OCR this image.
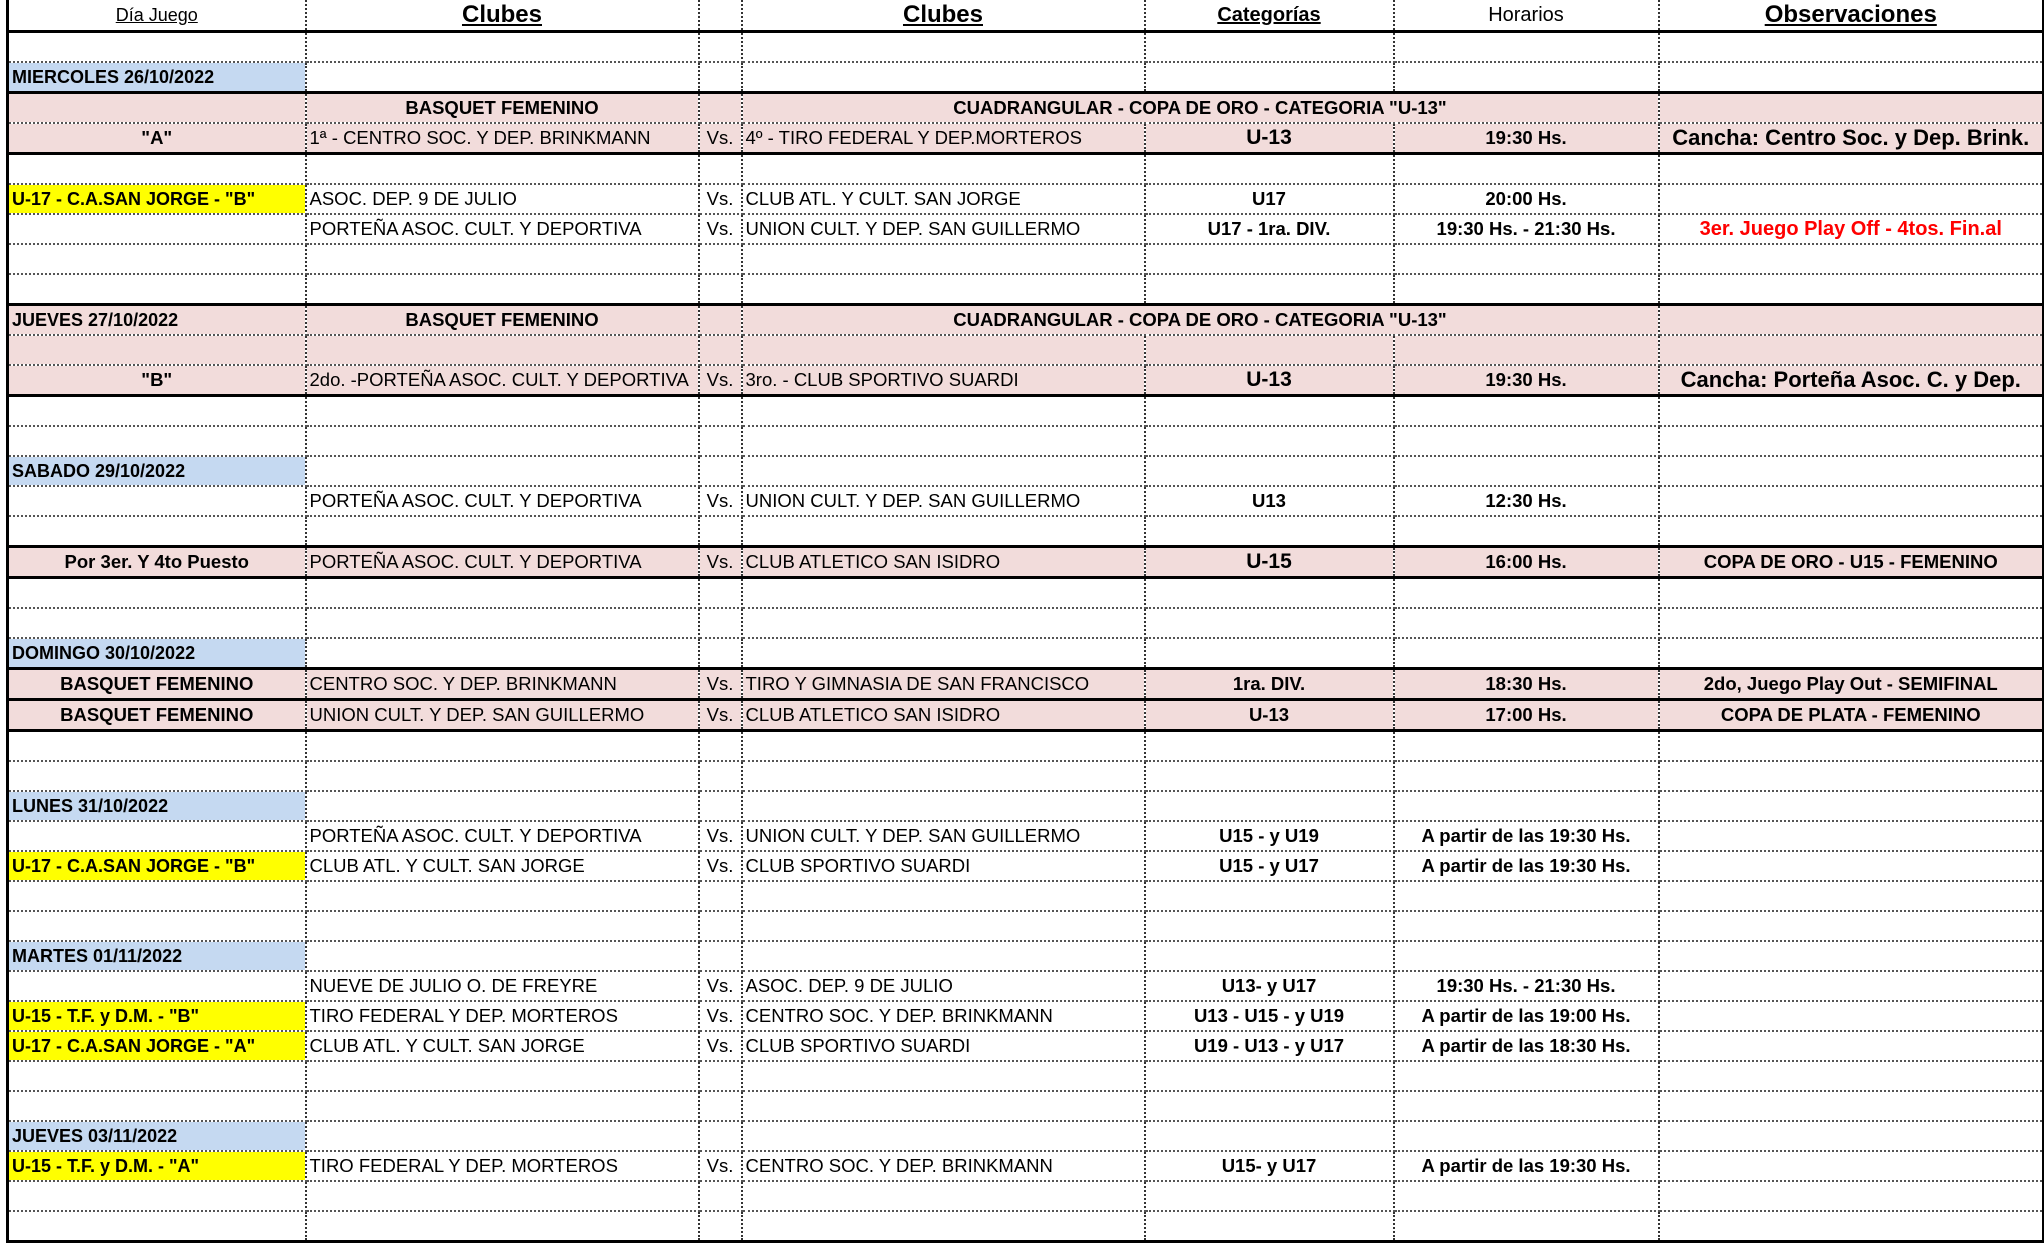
Día Juego	Clubes		Clubes	Categorías	Horarios	Observaciones

MIERCOLES 26/10/2022						
	BASQUET FEMENINO		CUADRANGULAR - COPA DE ORO - CATEGORIA "U-13"			
"A"	1ª - CENTRO SOC. Y DEP. BRINKMANN	Vs.	4º - TIRO FEDERAL Y DEP.MORTEROS	U-13	19:30 Hs.	Cancha: Centro Soc. y Dep. Brink.

U-17 - C.A.SAN JORGE - "B"	ASOC. DEP. 9 DE JULIO	Vs.	CLUB ATL. Y CULT. SAN JORGE	U17	20:00 Hs.	
	PORTEÑA ASOC. CULT. Y DEPORTIVA	Vs.	UNION CULT. Y DEP. SAN GUILLERMO	U17 - 1ra. DIV.	19:30 Hs. - 21:30 Hs.	3er. Juego Play Off - 4tos. Fin.al

JUEVES 27/10/2022	BASQUET FEMENINO		CUADRANGULAR - COPA DE ORO - CATEGORIA "U-13"			

"B"	2do. -PORTEÑA ASOC. CULT. Y DEPORTIVA	Vs.	3ro. - CLUB SPORTIVO SUARDI	U-13	19:30 Hs.	Cancha: Porteña Asoc. C. y Dep.

SABADO 29/10/2022						
	PORTEÑA ASOC. CULT. Y DEPORTIVA	Vs.	UNION CULT. Y DEP. SAN GUILLERMO	U13	12:30 Hs.	

Por 3er. Y 4to Puesto	PORTEÑA ASOC. CULT. Y DEPORTIVA	Vs.	CLUB ATLETICO SAN ISIDRO	U-15	16:00 Hs.	COPA DE ORO - U15 - FEMENINO

DOMINGO 30/10/2022						
BASQUET FEMENINO	CENTRO SOC. Y DEP. BRINKMANN	Vs.	TIRO Y GIMNASIA DE SAN FRANCISCO	1ra. DIV.	18:30 Hs.	2do, Juego Play Out - SEMIFINAL
BASQUET FEMENINO	UNION CULT. Y DEP. SAN GUILLERMO	Vs.	CLUB ATLETICO SAN ISIDRO	U-13	17:00 Hs.	COPA DE PLATA - FEMENINO

LUNES 31/10/2022						
	PORTEÑA ASOC. CULT. Y DEPORTIVA	Vs.	UNION CULT. Y DEP. SAN GUILLERMO	U15 - y U19	A partir de las 19:30 Hs.	
U-17 - C.A.SAN JORGE - "B"	CLUB ATL. Y CULT. SAN JORGE	Vs.	CLUB SPORTIVO SUARDI	U15 - y U17	A partir de las 19:30 Hs.	

MARTES 01/11/2022						
	NUEVE DE JULIO O. DE FREYRE	Vs.	ASOC. DEP. 9 DE JULIO	U13- y U17	19:30 Hs. - 21:30 Hs.	
U-15 - T.F. y D.M. - "B"	TIRO FEDERAL Y DEP. MORTEROS	Vs.	CENTRO SOC. Y DEP. BRINKMANN	U13 - U15 - y U19	A partir de las 19:00 Hs.	
U-17 - C.A.SAN JORGE - "A"	CLUB ATL. Y CULT. SAN JORGE	Vs.	CLUB SPORTIVO SUARDI	U19 - U13 - y U17	A partir de las 18:30 Hs.	

JUEVES 03/11/2022						
U-15 - T.F. y D.M. - "A"	TIRO FEDERAL Y DEP. MORTEROS	Vs.	CENTRO SOC. Y DEP. BRINKMANN	U15- y U17	A partir de las 19:30 Hs.	
